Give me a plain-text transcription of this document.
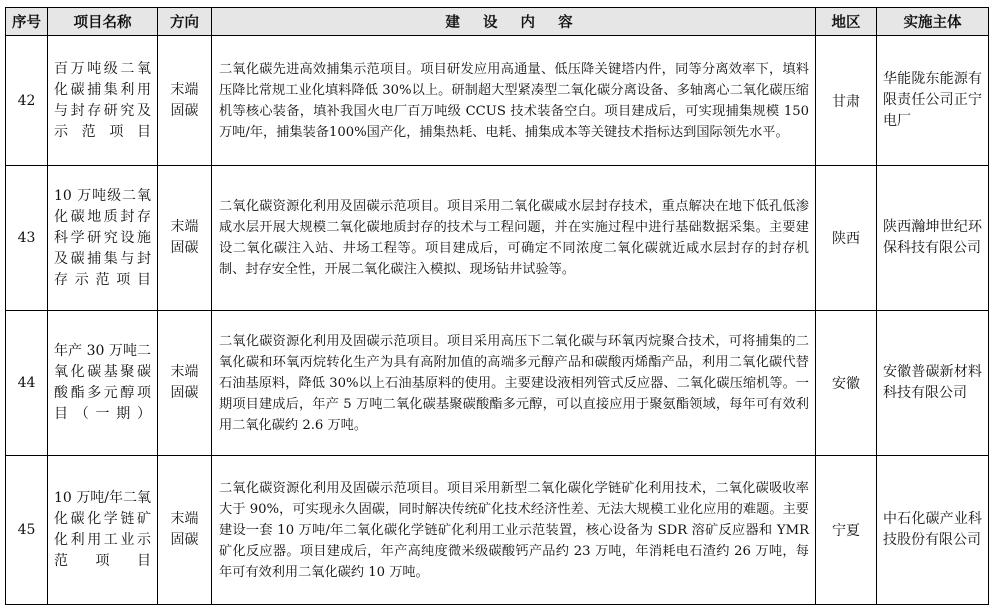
序号	项目名称	方向	建 设 内 容	地区	实施主体
42	百万吨级二氧化碳捕集利用与封存研究及示范项目	末端固碳	二氧化碳先进高效捕集示范项目。项目研发应用高通量、低压降关键塔内件，同等分离效率下，填料压降比常规工业化填料降低 30%以上。研制超大型紧凑型二氧化碳分离设备、多轴离心二氧化碳压缩机等核心装备，填补我国火电厂百万吨级 CCUS 技术装备空白。项目建成后，可实现捕集规模 150 万吨/年，捕集装备100%国产化，捕集热耗、电耗、捕集成本等关键技术指标达到国际领先水平。	甘肃	华能陇东能源有限责任公司正宁电厂
43	10 万吨级二氧化碳地质封存科学研究设施及碳捕集与封存示范项目	末端固碳	二氧化碳资源化利用及固碳示范项目。项目采用二氧化碳咸水层封存技术，重点解决在地下低孔低渗咸水层开展大规模二氧化碳地质封存的技术与工程问题，并在实施过程中进行基础数据采集。主要建设二氧化碳注入站、井场工程等。项目建成后，可确定不同浓度二氧化碳就近咸水层封存的封存机制、封存安全性，开展二氧化碳注入模拟、现场钻井试验等。	陕西	陕西瀚坤世纪环保科技有限公司
44	年产 30 万吨二氧化碳基聚碳酸酯多元醇项目（一期）	末端固碳	二氧化碳资源化利用及固碳示范项目。项目采用高压下二氧化碳与环氧丙烷聚合技术，可将捕集的二氧化碳和环氧丙烷转化生产为具有高附加值的高端多元醇产品和碳酸丙烯酯产品，利用二氧化碳代替石油基原料，降低 30%以上石油基原料的使用。主要建设液相列管式反应器、二氧化碳压缩机等。一期项目建成后，年产 5 万吨二氧化碳基聚碳酸酯多元醇，可以直接应用于聚氨酯领域，每年可有效利用二氧化碳约 2.6 万吨。	安徽	安徽普碳新材料科技有限公司
45	10 万吨/年二氧化碳化学链矿化利用工业示范项目	末端固碳	二氧化碳资源化利用及固碳示范项目。项目采用新型二氧化碳化学链矿化利用技术，二氧化碳吸收率大于 90%，可实现永久固碳，同时解决传统矿化技术经济性差、无法大规模工业化应用的难题。主要建设一套 10 万吨/年二氧化碳化学链矿化利用工业示范装置，核心设备为 SDR 溶矿反应器和 YMR 矿化反应器。项目建成后，年产高纯度微米级碳酸钙产品约 23 万吨，年消耗电石渣约 26 万吨，每年可有效利用二氧化碳约 10 万吨。	宁夏	中石化碳产业科技股份有限公司
